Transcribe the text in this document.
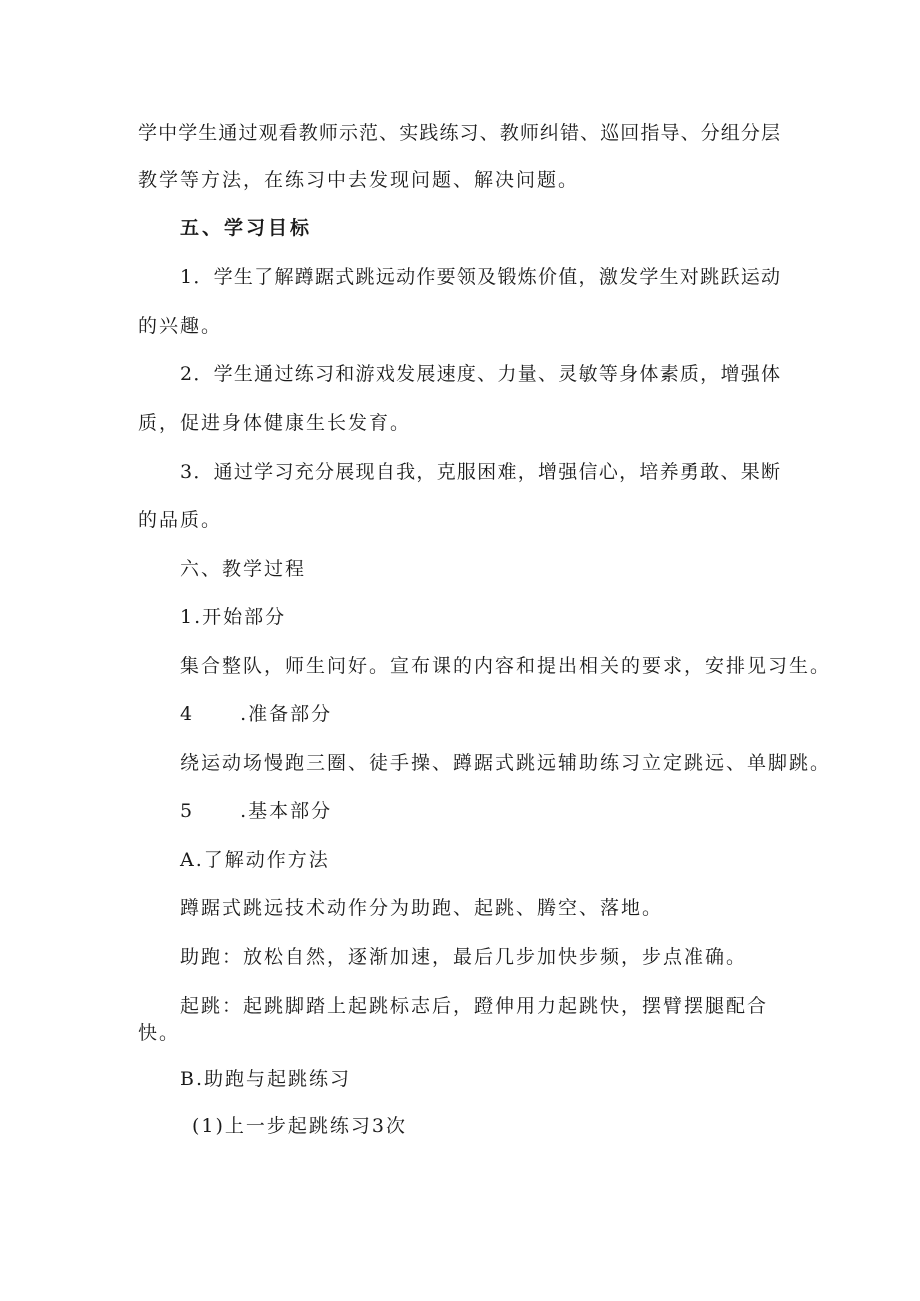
学中学生通过观看教师示范、实践练习、教师纠错、巡回指导、分组分层
教学等方法，在练习中去发现问题、解决问题。
五、学习目标
1．学生了解蹲踞式跳远动作要领及锻炼价值，激发学生对跳跃运动
的兴趣。
2．学生通过练习和游戏发展速度、力量、灵敏等身体素质，增强体
质，促进身体健康生长发育。
3．通过学习充分展现自我，克服困难，增强信心，培养勇敢、果断
的品质。
六、教学过程
1.开始部分
集合整队，师生问好。宣布课的内容和提出相关的要求，安排见习生。
4 .准备部分
绕运动场慢跑三圈、徒手操、蹲踞式跳远辅助练习立定跳远、单脚跳。
5 .基本部分
A.了解动作方法
蹲踞式跳远技术动作分为助跑、起跳、腾空、落地。
助跑：放松自然，逐渐加速，最后几步加快步频，步点准确。
起跳：起跳脚踏上起跳标志后，蹬伸用力起跳快，摆臂摆腿配合
快。
B.助跑与起跳练习
(1)上一步起跳练习3次
